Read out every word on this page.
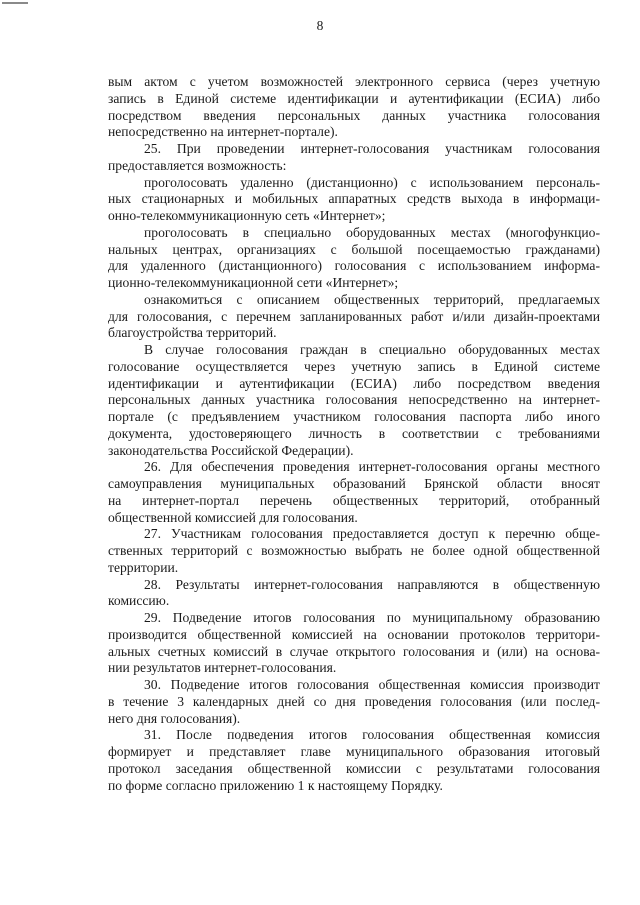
8
вым актом с учетом возможностей электронного сервиса (через учетную
запись в Единой системе идентификации и аутентификации (ЕСИА) либо
посредством введения персональных данных участника голосования
непосредственно на интернет-портале).
25. При проведении интернет-голосования участникам голосования
предоставляется возможность:
проголосовать удаленно (дистанционно) с использованием персональ-
ных стационарных и мобильных аппаратных средств выхода в информаци-
онно-телекоммуникационную сеть «Интернет»;
проголосовать в специально оборудованных местах (многофункцио-
нальных центрах, организациях с большой посещаемостью гражданами)
для удаленного (дистанционного) голосования с использованием информа-
ционно-телекоммуникационной сети «Интернет»;
ознакомиться с описанием общественных территорий, предлагаемых
для голосования, с перечнем запланированных работ и/или дизайн-проектами
благоустройства территорий.
В случае голосования граждан в специально оборудованных местах
голосование осуществляется через учетную запись в Единой системе
идентификации и аутентификации (ЕСИА) либо посредством введения
персональных данных участника голосования непосредственно на интернет-
портале (с предъявлением участником голосования паспорта либо иного
документа, удостоверяющего личность в соответствии с требованиями
законодательства Российской Федерации).
26. Для обеспечения проведения интернет-голосования органы местного
самоуправления муниципальных образований Брянской области вносят
на интернет-портал перечень общественных территорий, отобранный
общественной комиссией для голосования.
27. Участникам голосования предоставляется доступ к перечню обще-
ственных территорий с возможностью выбрать не более одной общественной
территории.
28. Результаты интернет-голосования направляются в общественную
комиссию.
29. Подведение итогов голосования по муниципальному образованию
производится общественной комиссией на основании протоколов территори-
альных счетных комиссий в случае открытого голосования и (или) на основа-
нии результатов интернет-голосования.
30. Подведение итогов голосования общественная комиссия производит
в течение 3 календарных дней со дня проведения голосования (или послед-
него дня голосования).
31. После подведения итогов голосования общественная комиссия
формирует и представляет главе муниципального образования итоговый
протокол заседания общественной комиссии с результатами голосования
по форме согласно приложению 1 к настоящему Порядку.
